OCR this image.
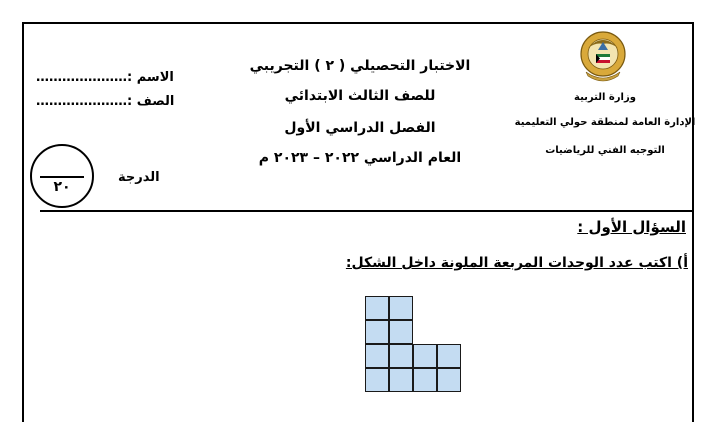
الاسم :…………………
الصف :…………………
٢٠
الدرجة
الاختبار التحصيلي ( ٢ ) التجريبي
للصف الثالث الابتدائي
الفصل الدراسي الأول
العام الدراسي ٢٠٢٢ – ٢٠٢٣ م
وزارة التربية
الإدارة العامة لمنطقة حولي التعليمية
التوجيه الفني للرياضيات
السؤال الأول :
أ) اكتب عدد الوحدات المربعة الملونة داخل الشكل:
